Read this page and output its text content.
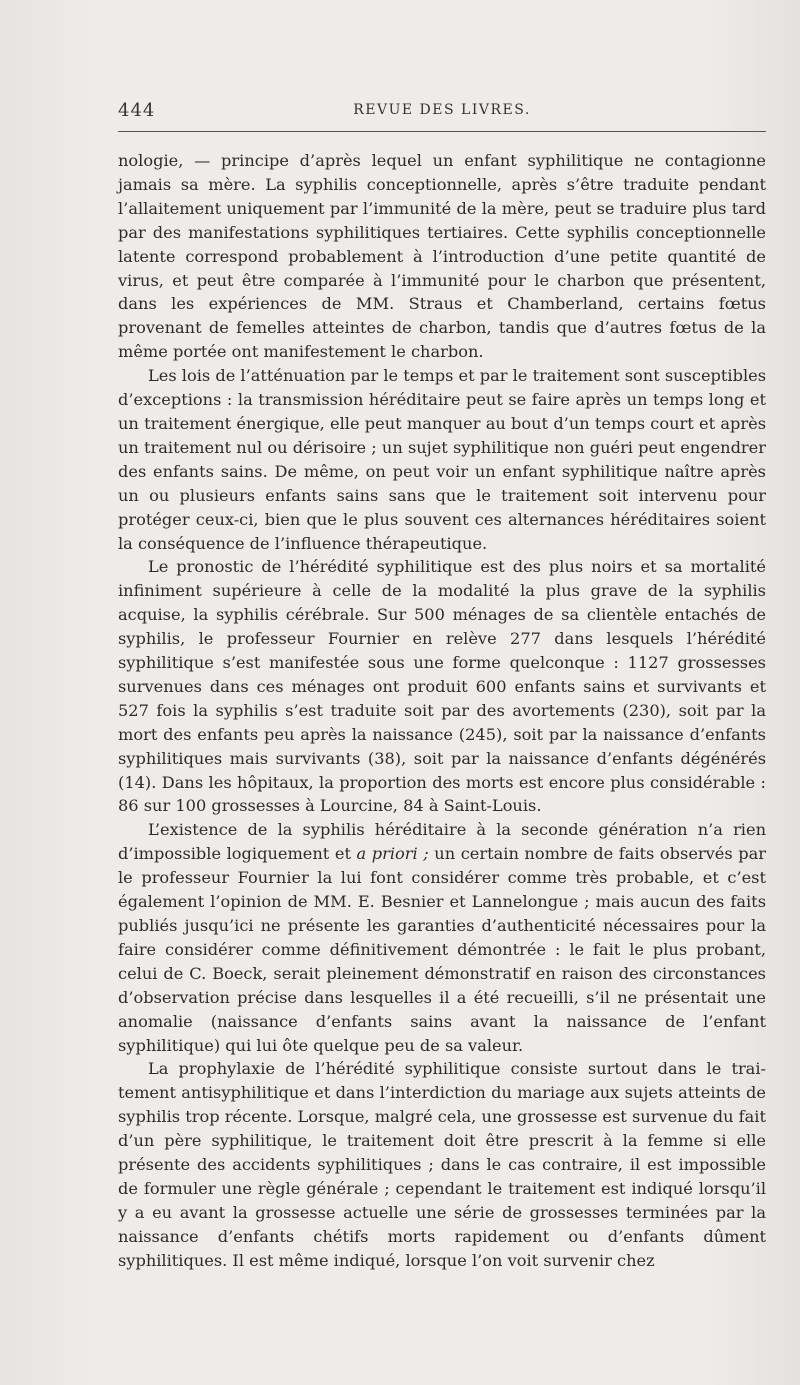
444	REVUE DES LIVRES.

nologie, — principe d’après lequel un enfant syphilitique ne contagionne jamais sa mère. La syphilis conceptionnelle, après s’être traduite pendant l’allaitement uniquement par l’immunité de la mère, peut se traduire plus tard par des manifestations syphilitiques tertiaires. Cette syphilis conceptionnelle latente correspond probablement à l’introduction d’une petite quantité de virus, et peut être comparée à l’immunité pour le charbon que présentent, dans les expériences de MM. Straus et Chamberland, certains fœtus provenant de femelles atteintes de charbon, tandis que d’autres fœtus de la même portée ont manifestement le charbon.

Les lois de l’atténuation par le temps et par le traitement sont susceptibles d’exceptions : la transmission héréditaire peut se faire après un temps long et un traitement énergique, elle peut manquer au bout d’un temps court et après un traitement nul ou dérisoire ; un sujet syphilitique non guéri peut engendrer des enfants sains. De même, on peut voir un enfant syphilitique naître après un ou plusieurs enfants sains sans que le traitement soit intervenu pour protéger ceux-ci, bien que le plus souvent ces alternances héréditaires soient la conséquence de l’influence thérapeutique.

Le pronostic de l’hérédité syphilitique est des plus noirs et sa mortalité infiniment supérieure à celle de la modalité la plus grave de la syphilis acquise, la syphilis cérébrale. Sur 500 ménages de sa clientèle entachés de syphilis, le professeur Fournier en relève 277 dans lesquels l’hérédité syphilitique s’est manifestée sous une forme quelconque : 1127 grossesses survenues dans ces ménages ont produit 600 enfants sains et survivants et 527 fois la syphilis s’est traduite soit par des avortements (230), soit par la mort des enfants peu après la naissance (245), soit par la naissance d’enfants syphilitiques mais survivants (38), soit par la naissance d’enfants dégénérés (14). Dans les hôpitaux, la proportion des morts est encore plus considérable : 86 sur 100 grossesses à Lourcine, 84 à Saint-Louis.

L’existence de la syphilis héréditaire à la seconde génération n’a rien d’impossible logiquement et a priori ; un certain nombre de faits observés par le professeur Fournier la lui font considérer comme très probable, et c’est également l’opinion de MM. E. Besnier et Lannelongue ; mais aucun des faits publiés jusqu’ici ne présente les garanties d’authenticité nécessaires pour la faire considérer comme définitivement démontrée : le fait le plus probant, celui de C. Boeck, serait pleinement démonstratif en raison des circonstances d’observation précise dans lesquelles il a été recueilli, s’il ne présentait une anomalie (naissance d’enfants sains avant la naissance de l’enfant syphilitique) qui lui ôte quelque peu de sa valeur.

La prophylaxie de l’hérédité syphilitique consiste surtout dans le traitement antisyphilitique et dans l’interdiction du mariage aux sujets atteints de syphilis trop récente. Lorsque, malgré cela, une grossesse est survenue du fait d’un père syphilitique, le traitement doit être prescrit à la femme si elle présente des accidents syphilitiques ; dans le cas contraire, il est impossible de formuler une règle générale ; cependant le traitement est indiqué lorsqu’il y a eu avant la grossesse actuelle une série de grossesses terminées par la naissance d’enfants chétifs morts rapidement ou d’enfants dûment syphilitiques. Il est même indiqué, lorsque l’on voit survenir chez
